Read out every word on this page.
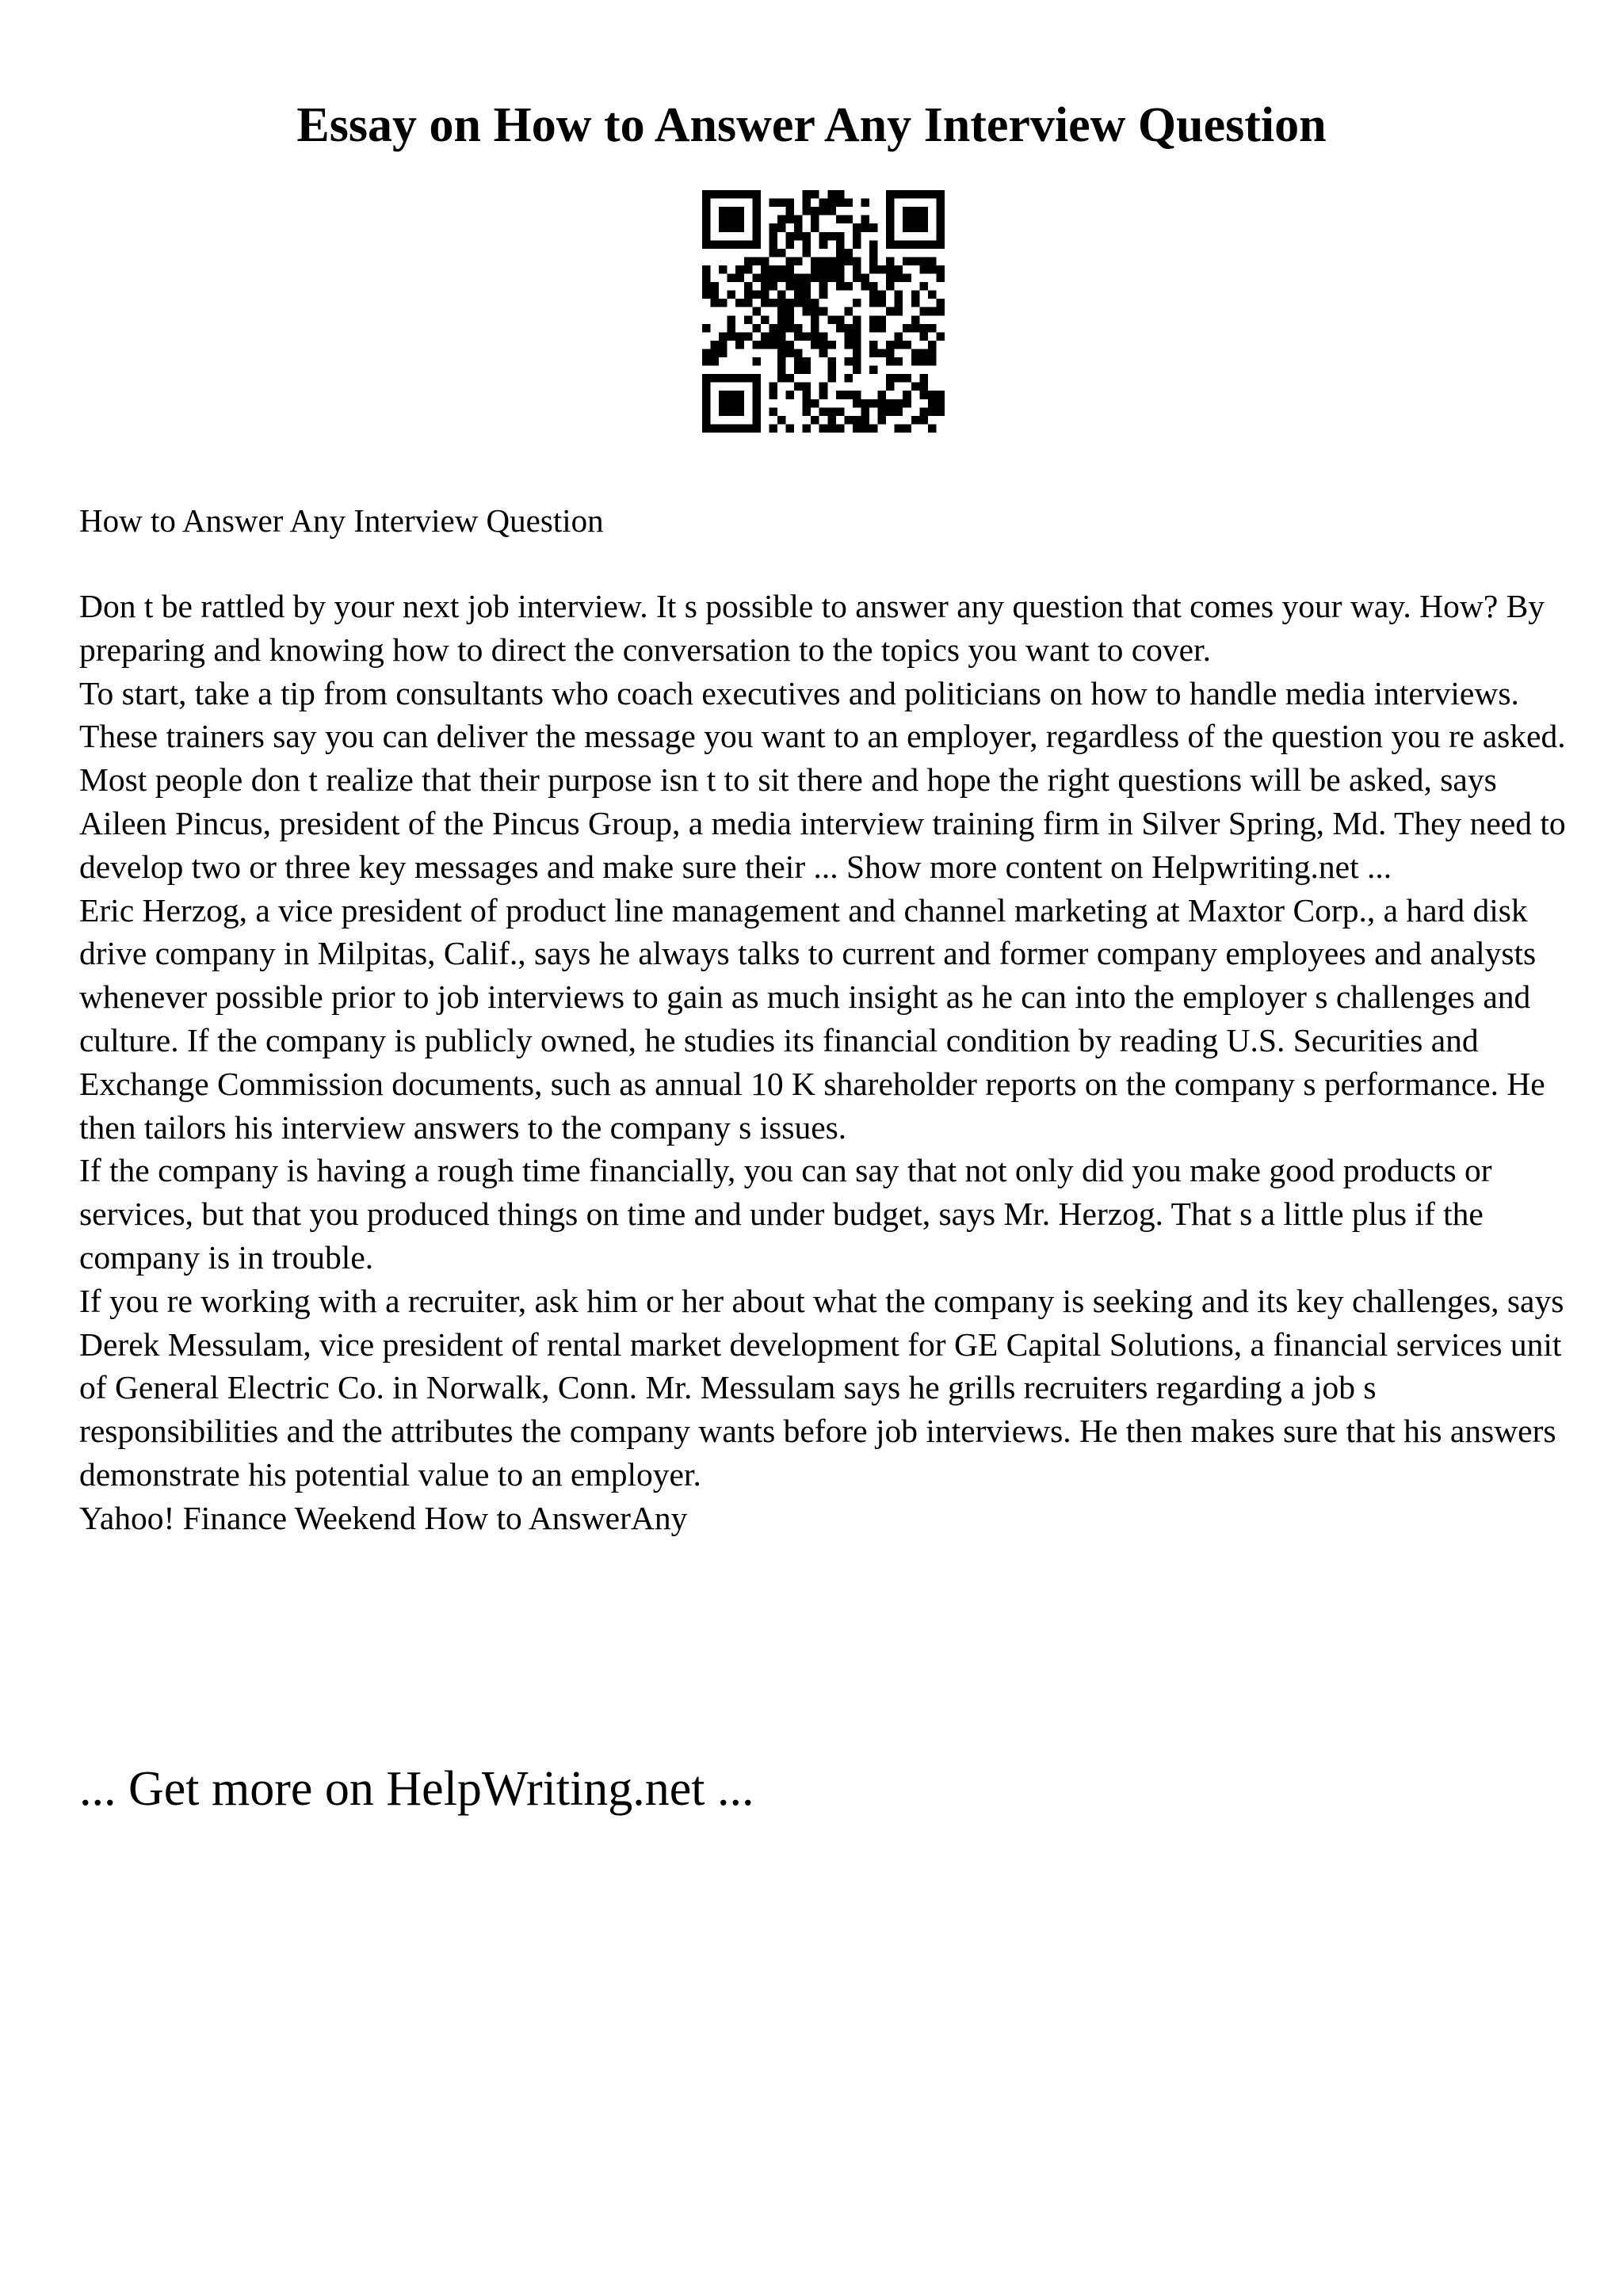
Essay on How to Answer Any Interview Question

How to Answer Any Interview Question

Don t be rattled by your next job interview. It s possible to answer any question that comes your way. How? By preparing and knowing how to direct the conversation to the topics you want to cover.

To start, take a tip from consultants who coach executives and politicians on how to handle media interviews. These trainers say you can deliver the message you want to an employer, regardless of the question you re asked.

Most people don t realize that their purpose isn t to sit there and hope the right questions will be asked, says Aileen Pincus, president of the Pincus Group, a media interview training firm in Silver Spring, Md. They need to develop two or three key messages and make sure their ... Show more content on Helpwriting.net ...

Eric Herzog, a vice president of product line management and channel marketing at Maxtor Corp., a hard disk drive company in Milpitas, Calif., says he always talks to current and former company employees and analysts whenever possible prior to job interviews to gain as much insight as he can into the employer s challenges and culture. If the company is publicly owned, he studies its financial condition by reading U.S. Securities and Exchange Commission documents, such as annual 10 K shareholder reports on the company s performance. He then tailors his interview answers to the company s issues.

If the company is having a rough time financially, you can say that not only did you make good products or services, but that you produced things on time and under budget, says Mr. Herzog. That s a little plus if the company is in trouble.

If you re working with a recruiter, ask him or her about what the company is seeking and its key challenges, says Derek Messulam, vice president of rental market development for GE Capital Solutions, a financial services unit of General Electric Co. in Norwalk, Conn. Mr. Messulam says he grills recruiters regarding a job s responsibilities and the attributes the company wants before job interviews. He then makes sure that his answers demonstrate his potential value to an employer.

Yahoo! Finance Weekend How to AnswerAny

... Get more on HelpWriting.net ...
